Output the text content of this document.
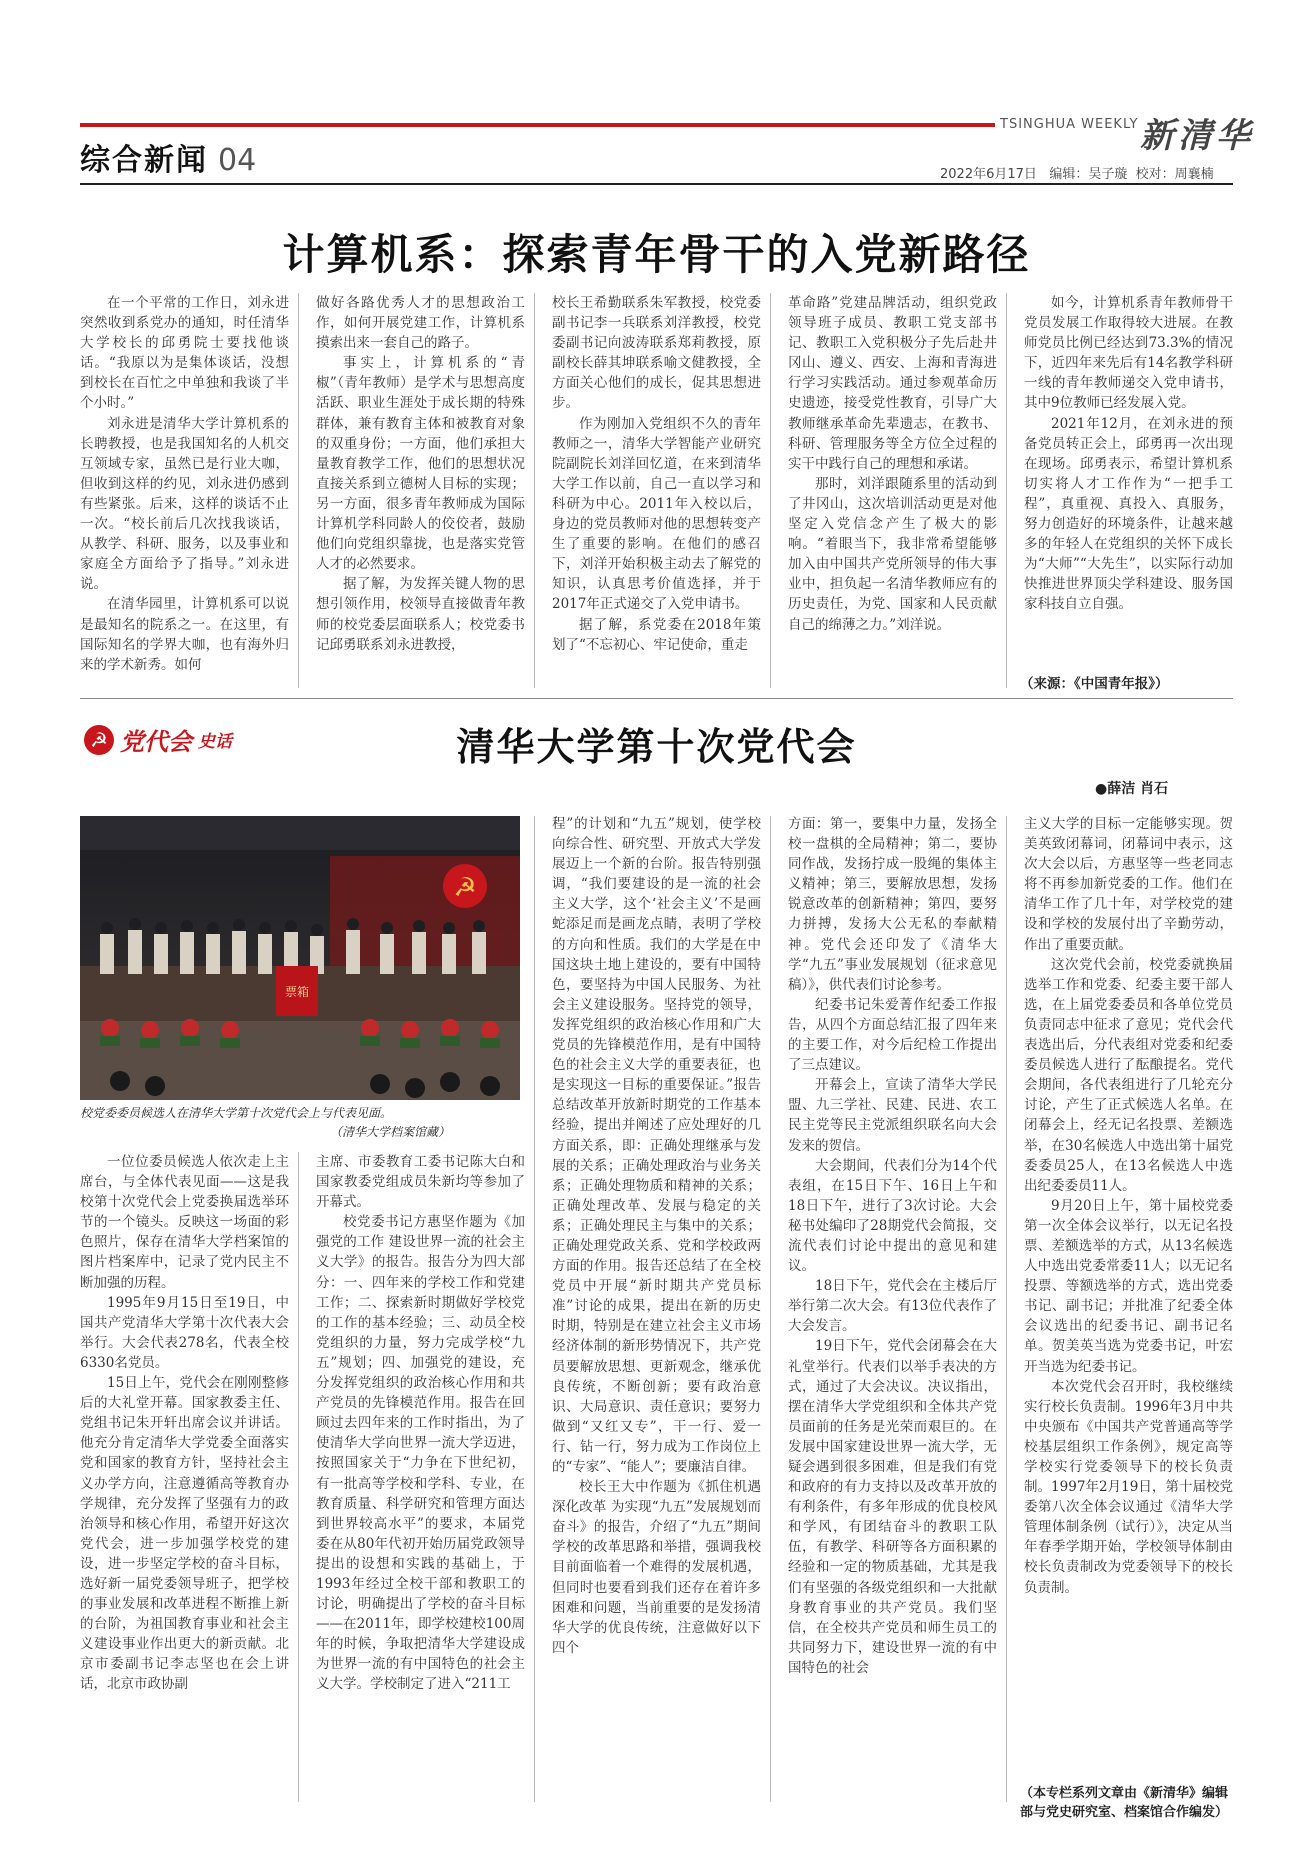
综合新闻 04
TSINGHUA WEEKLY 新清华
2022年6月17日 编辑：吴子璇 校对：周襄楠
计算机系：探索青年骨干的入党新路径

在一个平常的工作日，刘永进突然收到系党办的通知，时任清华大学校长的邱勇院士要找他谈话。“我原以为是集体谈话，没想到校长在百忙之中单独和我谈了半个小时。”

刘永进是清华大学计算机系的长聘教授，也是我国知名的人机交互领域专家，虽然已是行业大咖，但收到这样的约见，刘永进仍感到有些紧张。后来，这样的谈话不止一次。“校长前后几次找我谈话，从教学、科研、服务，以及事业和家庭全方面给予了指导。”刘永进说。

在清华园里，计算机系可以说是最知名的院系之一。在这里，有国际知名的学界大咖，也有海外归来的学术新秀。如何

做好各路优秀人才的思想政治工作，如何开展党建工作，计算机系摸索出来一套自己的路子。

事实上，计算机系的“青椒”（青年教师）是学术与思想高度活跃、职业生涯处于成长期的特殊群体，兼有教育主体和被教育对象的双重身份；一方面，他们承担大量教育教学工作，他们的思想状况直接关系到立德树人目标的实现；另一方面，很多青年教师成为国际计算机学科同龄人的佼佼者，鼓励他们向党组织靠拢，也是落实党管人才的必然要求。

据了解，为发挥关键人物的思想引领作用，校领导直接做青年教师的校党委层面联系人；校党委书记邱勇联系刘永进教授，

校长王希勤联系朱军教授，校党委副书记李一兵联系刘洋教授，校党委副书记向波涛联系郑莉教授，原副校长薛其坤联系喻文健教授，全方面关心他们的成长，促其思想进步。

作为刚加入党组织不久的青年教师之一，清华大学智能产业研究院副院长刘洋回忆道，在来到清华大学工作以前，自己一直以学习和科研为中心。2011年入校以后，身边的党员教师对他的思想转变产生了重要的影响。在他们的感召下，刘洋开始积极主动去了解党的知识，认真思考价值选择，并于2017年正式递交了入党申请书。

据了解，系党委在2018年策划了“不忘初心、牢记使命，重走

革命路”党建品牌活动，组织党政领导班子成员、教职工党支部书记、教职工入党积极分子先后赴井冈山、遵义、西安、上海和青海进行学习实践活动。通过参观革命历史遗迹，接受党性教育，引导广大教师继承革命先辈遗志，在教书、科研、管理服务等全方位全过程的实干中践行自己的理想和承诺。

那时，刘洋跟随系里的活动到了井冈山，这次培训活动更是对他坚定入党信念产生了极大的影响。“着眼当下，我非常希望能够加入由中国共产党所领导的伟大事业中，担负起一名清华教师应有的历史责任，为党、国家和人民贡献自己的绵薄之力。”刘洋说。

如今，计算机系青年教师骨干党员发展工作取得较大进展。在教师党员比例已经达到73.3%的情况下，近四年来先后有14名教学科研一线的青年教师递交入党申请书，其中9位教师已经发展入党。

2021年12月，在刘永进的预备党员转正会上，邱勇再一次出现在现场。邱勇表示，希望计算机系切实将人才工作作为“一把手工程”，真重视、真投入、真服务，努力创造好的环境条件，让越来越多的年轻人在党组织的关怀下成长为“大师”“大先生”，以实际行动加快推进世界顶尖学科建设、服务国家科技自立自强。

（来源：《中国青年报》）
☭ 党代会 史话	清华大学第十次党代会
●薛洁 肖石
☭
票箱
校党委委员候选人在清华大学第十次党代会上与代表见面。
（清华大学档案馆藏）

一位位委员候选人依次走上主席台，与全体代表见面——这是我校第十次党代会上党委换届选举环节的一个镜头。反映这一场面的彩色照片，保存在清华大学档案馆的图片档案库中，记录了党内民主不断加强的历程。

1995年9月15日至19日，中国共产党清华大学第十次代表大会举行。大会代表278名，代表全校6330名党员。

15日上午，党代会在刚刚整修后的大礼堂开幕。国家教委主任、党组书记朱开轩出席会议并讲话。他充分肯定清华大学党委全面落实党和国家的教育方针，坚持社会主义办学方向，注意遵循高等教育办学规律，充分发挥了坚强有力的政治领导和核心作用，希望开好这次党代会，进一步加强学校党的建设，进一步坚定学校的奋斗目标，选好新一届党委领导班子，把学校的事业发展和改革进程不断推上新的台阶，为祖国教育事业和社会主义建设事业作出更大的新贡献。北京市委副书记李志坚也在会上讲话，北京市政协副

主席、市委教育工委书记陈大白和国家教委党组成员朱新均等参加了开幕式。

校党委书记方惠坚作题为《加强党的工作 建设世界一流的社会主义大学》的报告。报告分为四大部分：一、四年来的学校工作和党建工作；二、探索新时期做好学校党的工作的基本经验；三、动员全校党组织的力量，努力完成学校“九五”规划；四、加强党的建设，充分发挥党组织的政治核心作用和共产党员的先锋模范作用。报告在回顾过去四年来的工作时指出，为了使清华大学向世界一流大学迈进，按照国家关于“力争在下世纪初，有一批高等学校和学科、专业，在教育质量、科学研究和管理方面达到世界较高水平”的要求，本届党委在从80年代初开始历届党政领导提出的设想和实践的基础上，于1993年经过全校干部和教职工的讨论，明确提出了学校的奋斗目标——在2011年，即学校建校100周年的时候，争取把清华大学建设成为世界一流的有中国特色的社会主义大学。学校制定了进入“211工

程”的计划和“九五”规划，使学校向综合性、研究型、开放式大学发展迈上一个新的台阶。报告特别强调，“我们要建设的是一流的社会主义大学，这个‘社会主义’不是画蛇添足而是画龙点睛，表明了学校的方向和性质。我们的大学是在中国这块土地上建设的，要有中国特色，要坚持为中国人民服务、为社会主义建设服务。坚持党的领导，发挥党组织的政治核心作用和广大党员的先锋模范作用，是有中国特色的社会主义大学的重要表征，也是实现这一目标的重要保证。”报告总结改革开放新时期党的工作基本经验，提出并阐述了应处理好的几方面关系，即：正确处理继承与发展的关系；正确处理政治与业务关系；正确处理物质和精神的关系；正确处理改革、发展与稳定的关系；正确处理民主与集中的关系；正确处理党政关系、党和学校政两方面的作用。报告还总结了在全校党员中开展“新时期共产党员标准”讨论的成果，提出在新的历史时期，特别是在建立社会主义市场经济体制的新形势情况下，共产党员要解放思想、更新观念，继承优良传统，不断创新；要有政治意识、大局意识、责任意识；要努力做到“又红又专”，干一行、爱一行、钻一行，努力成为工作岗位上的“专家”、“能人”；要廉洁自律。

校长王大中作题为《抓住机遇 深化改革 为实现“九五”发展规划而奋斗》的报告，介绍了“九五”期间学校的改革思路和举措，强调我校目前面临着一个难得的发展机遇，但同时也要看到我们还存在着许多困难和问题，当前重要的是发扬清华大学的优良传统，注意做好以下四个

方面：第一，要集中力量，发扬全校一盘棋的全局精神；第二，要协同作战，发扬拧成一股绳的集体主义精神；第三，要解放思想，发扬锐意改革的创新精神；第四，要努力拼搏，发扬大公无私的奉献精神。党代会还印发了《清华大学“九五”事业发展规划（征求意见稿）》，供代表们讨论参考。

纪委书记朱爱菁作纪委工作报告，从四个方面总结汇报了四年来的主要工作，对今后纪检工作提出了三点建议。

开幕会上，宣读了清华大学民盟、九三学社、民建、民进、农工民主党等民主党派组织联名向大会发来的贺信。

大会期间，代表们分为14个代表组，在15日下午、16日上午和18日下午，进行了3次讨论。大会秘书处编印了28期党代会简报，交流代表们讨论中提出的意见和建议。

18日下午，党代会在主楼后厅举行第二次大会。有13位代表作了大会发言。

19日下午，党代会闭幕会在大礼堂举行。代表们以举手表决的方式，通过了大会决议。决议指出，摆在清华大学党组织和全体共产党员面前的任务是光荣而艰巨的。在发展中国家建设世界一流大学，无疑会遇到很多困难，但是我们有党和政府的有力支持以及改革开放的有利条件，有多年形成的优良校风和学风，有团结奋斗的教职工队伍，有教学、科研等各方面积累的经验和一定的物质基础，尤其是我们有坚强的各级党组织和一大批献身教育事业的共产党员。我们坚信，在全校共产党员和师生员工的共同努力下，建设世界一流的有中国特色的社会

主义大学的目标一定能够实现。贺美英致闭幕词，闭幕词中表示，这次大会以后，方惠坚等一些老同志将不再参加新党委的工作。他们在清华工作了几十年，对学校党的建设和学校的发展付出了辛勤劳动，作出了重要贡献。

这次党代会前，校党委就换届选举工作和党委、纪委主要干部人选，在上届党委委员和各单位党员负责同志中征求了意见；党代会代表选出后，分代表组对党委和纪委委员候选人进行了酝酿提名。党代会期间，各代表组进行了几轮充分讨论，产生了正式候选人名单。在闭幕会上，经无记名投票、差额选举，在30名候选人中选出第十届党委委员25人，在13名候选人中选出纪委委员11人。

9月20日上午，第十届校党委第一次全体会议举行，以无记名投票、差额选举的方式，从13名候选人中选出党委常委11人；以无记名投票、等额选举的方式，选出党委书记、副书记；并批准了纪委全体会议选出的纪委书记、副书记名单。贺美英当选为党委书记，叶宏开当选为纪委书记。

本次党代会召开时，我校继续实行校长负责制。1996年3月中共中央颁布《中国共产党普通高等学校基层组织工作条例》，规定高等学校实行党委领导下的校长负责制。1997年2月19日，第十届校党委第八次全体会议通过《清华大学管理体制条例（试行）》，决定从当年春季学期开始，学校领导体制由校长负责制改为党委领导下的校长负责制。

（本专栏系列文章由《新清华》编辑部与党史研究室、档案馆合作编发）
